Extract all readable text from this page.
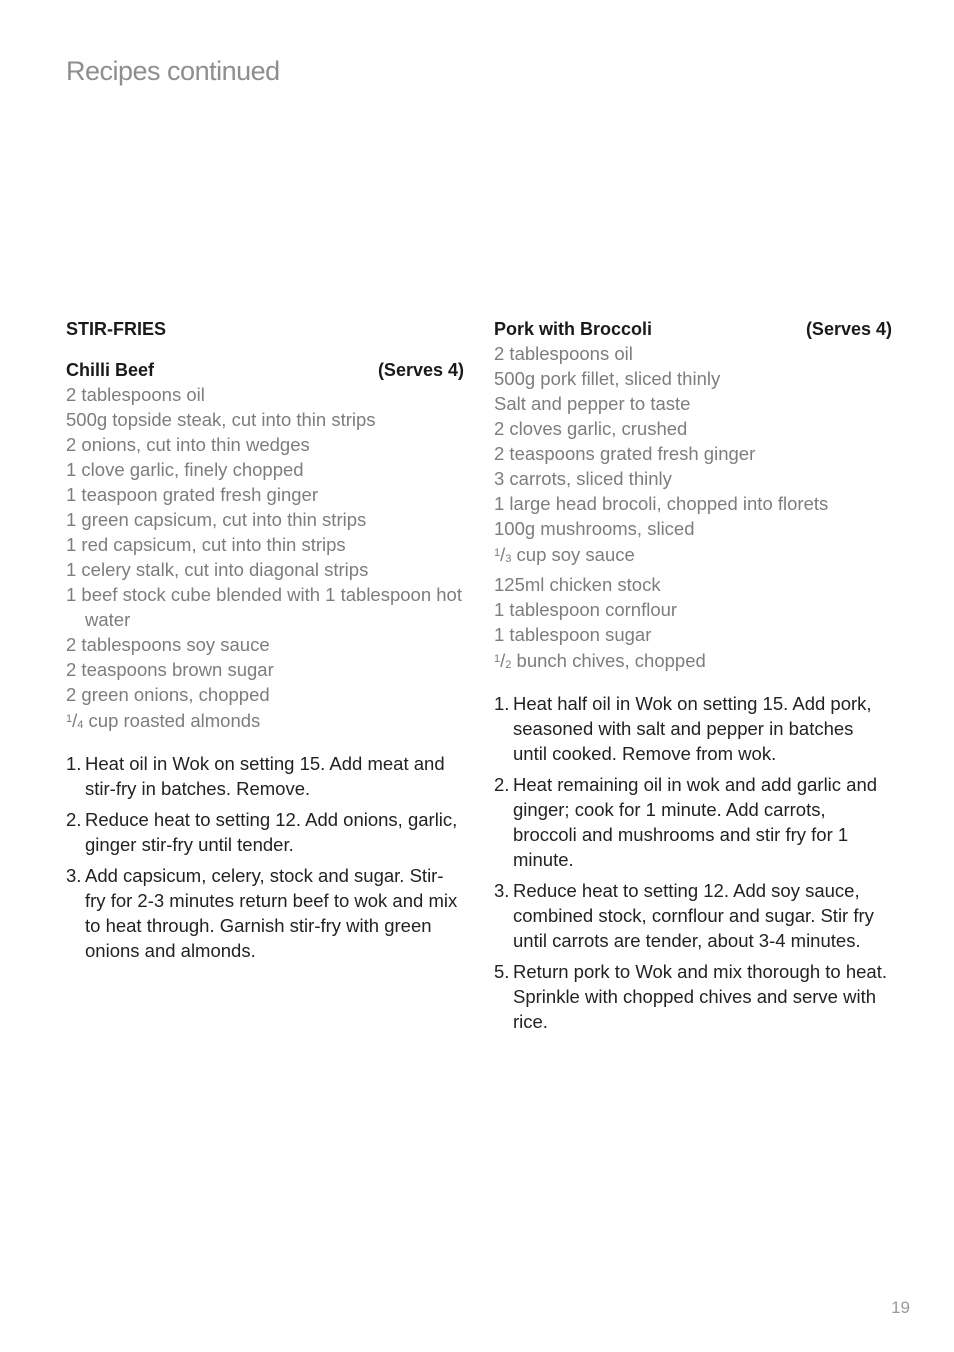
Recipes continued
STIR-FRIES
Chilli Beef	(Serves 4)
2 tablespoons oil
500g topside steak, cut into thin strips
2 onions, cut into thin wedges
1 clove garlic, finely chopped
1 teaspoon grated fresh ginger
1 green capsicum, cut into thin strips
1 red capsicum, cut into thin strips
1 celery stalk, cut into diagonal strips
1 beef stock cube blended with 1 tablespoon hot water
2 tablespoons soy sauce
2 teaspoons brown sugar
2 green onions, chopped
$^1$/4 cup roasted almonds
1. Heat oil in Wok on setting 15. Add meat and stir-fry in batches. Remove.
2. Reduce heat to setting 12. Add onions, garlic, ginger stir-fry until tender.
3. Add capsicum, celery, stock and sugar. Stir-fry for 2-3 minutes return beef to wok and mix to heat through. Garnish stir-fry with green onions and almonds.
Pork with Broccoli	(Serves 4)
2 tablespoons oil
500g pork fillet, sliced thinly
Salt and pepper to taste
2 cloves garlic, crushed
2 teaspoons grated fresh ginger
3 carrots, sliced thinly
1 large head brocoli, chopped into florets
100g mushrooms, sliced
$^1$/3 cup soy sauce
125ml chicken stock
1 tablespoon cornflour
1 tablespoon sugar
$^1$/2 bunch chives, chopped
1. Heat half oil in Wok on setting 15. Add pork, seasoned with salt and pepper in batches until cooked. Remove from wok.
2. Heat remaining oil in wok and add garlic and ginger; cook for 1 minute. Add carrots, broccoli and mushrooms and stir fry for 1 minute.
3. Reduce heat to setting 12. Add soy sauce, combined stock, cornflour and sugar. Stir fry until carrots are tender, about 3-4 minutes.
5. Return pork to Wok and mix thorough to heat. Sprinkle with chopped chives and serve with rice.
19
